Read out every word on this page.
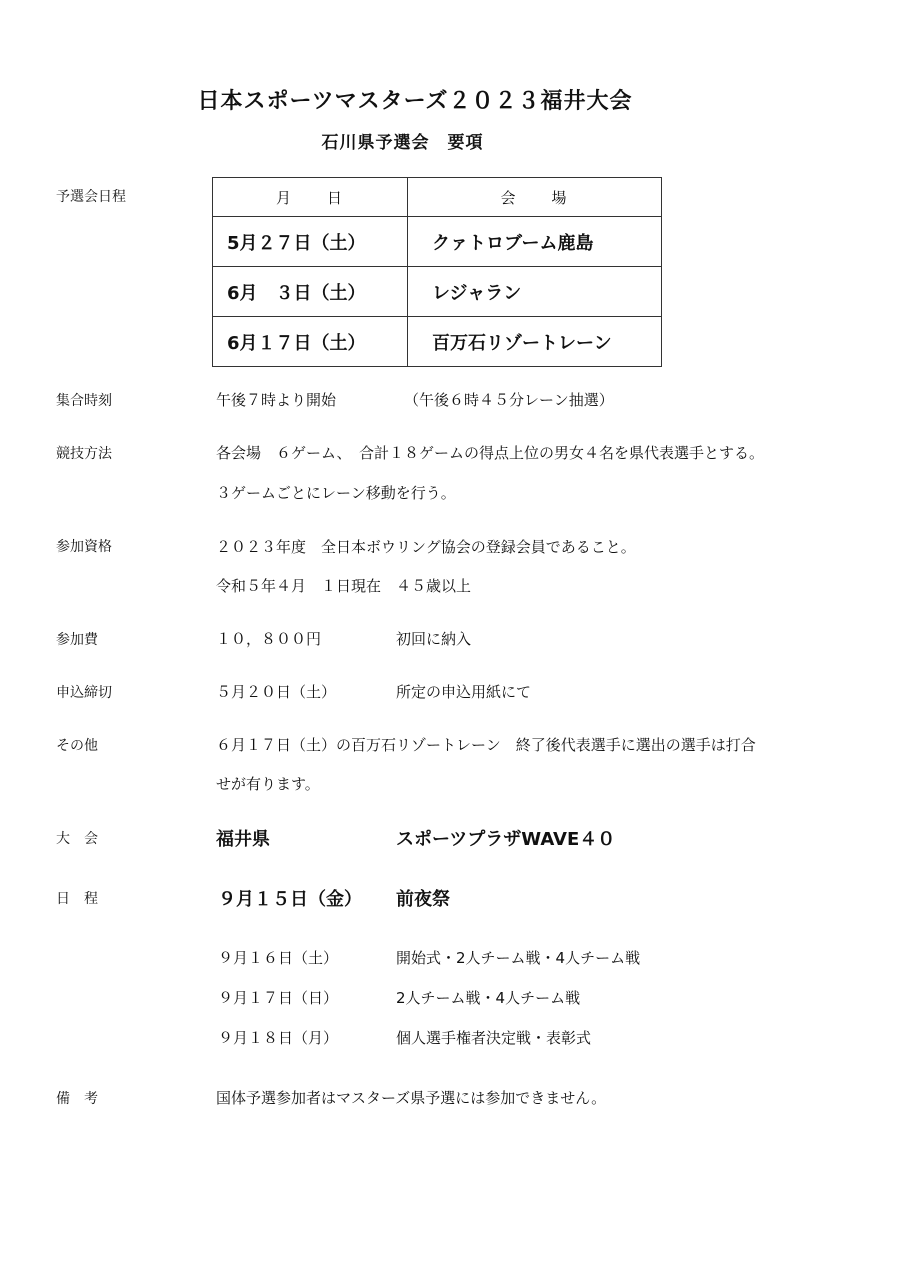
日本スポーツマスターズ２０２３福井大会
石川県予選会　要項
予選会日程	月　　日	会　　場
5月２７日（土）	クァトロブーム鹿島
6月　３日（土）	レジャラン
6月１７日（土）	百万石リゾートレーン
集合時刻	午後７時より開始	（午後６時４５分レーン抽選）
競技方法	各会場　６ゲーム、　合計１８ゲームの得点上位の男女４名を県代表選手とする。
３ゲームごとにレーン移動を行う。
参加資格	２０２３年度　全日本ボウリング協会の登録会員であること。
令和５年４月　１日現在　４５歳以上
参加費	１０，８００円	初回に納入
申込締切	５月２０日（土）	所定の申込用紙にて
その他	６月１７日（土）の百万石リゾートレーン　終了後代表選手に選出の選手は打合
せが有ります。
大　会	福井県	スポーツプラザWAVE４０
日　程	９月１５日（金） 前夜祭
９月１６日（土）	開始式・2人チーム戦・4人チーム戦
９月１７日（日）	2人チーム戦・4人チーム戦
９月１８日（月）	個人選手権者決定戦・表彰式
備　考	国体予選参加者はマスターズ県予選には参加できません。
